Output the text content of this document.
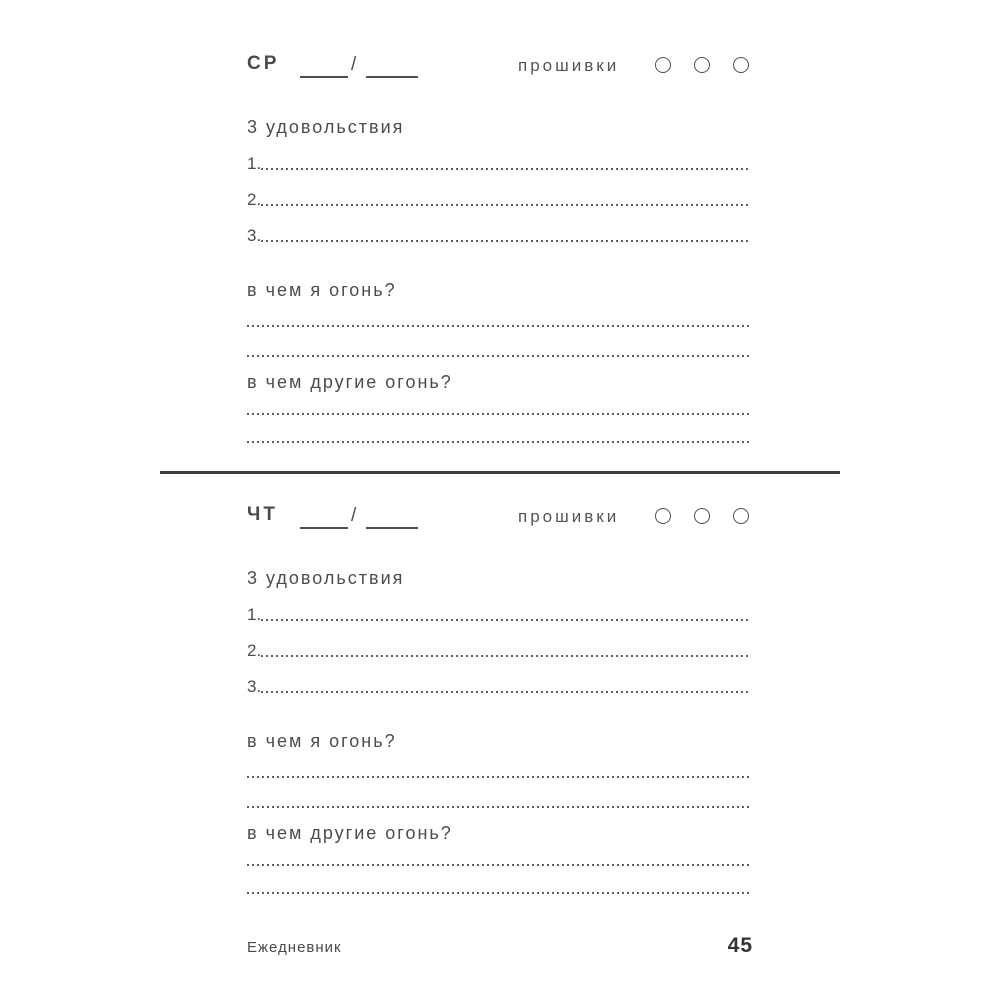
СР	/	прошивки
3 удовольствия
1.
2.
3.
в чем я огонь?
в чем другие огонь?
ЧТ	/	прошивки
3 удовольствия
1.
2.
3.
в чем я огонь?
в чем другие огонь?
Ежедневник	45
